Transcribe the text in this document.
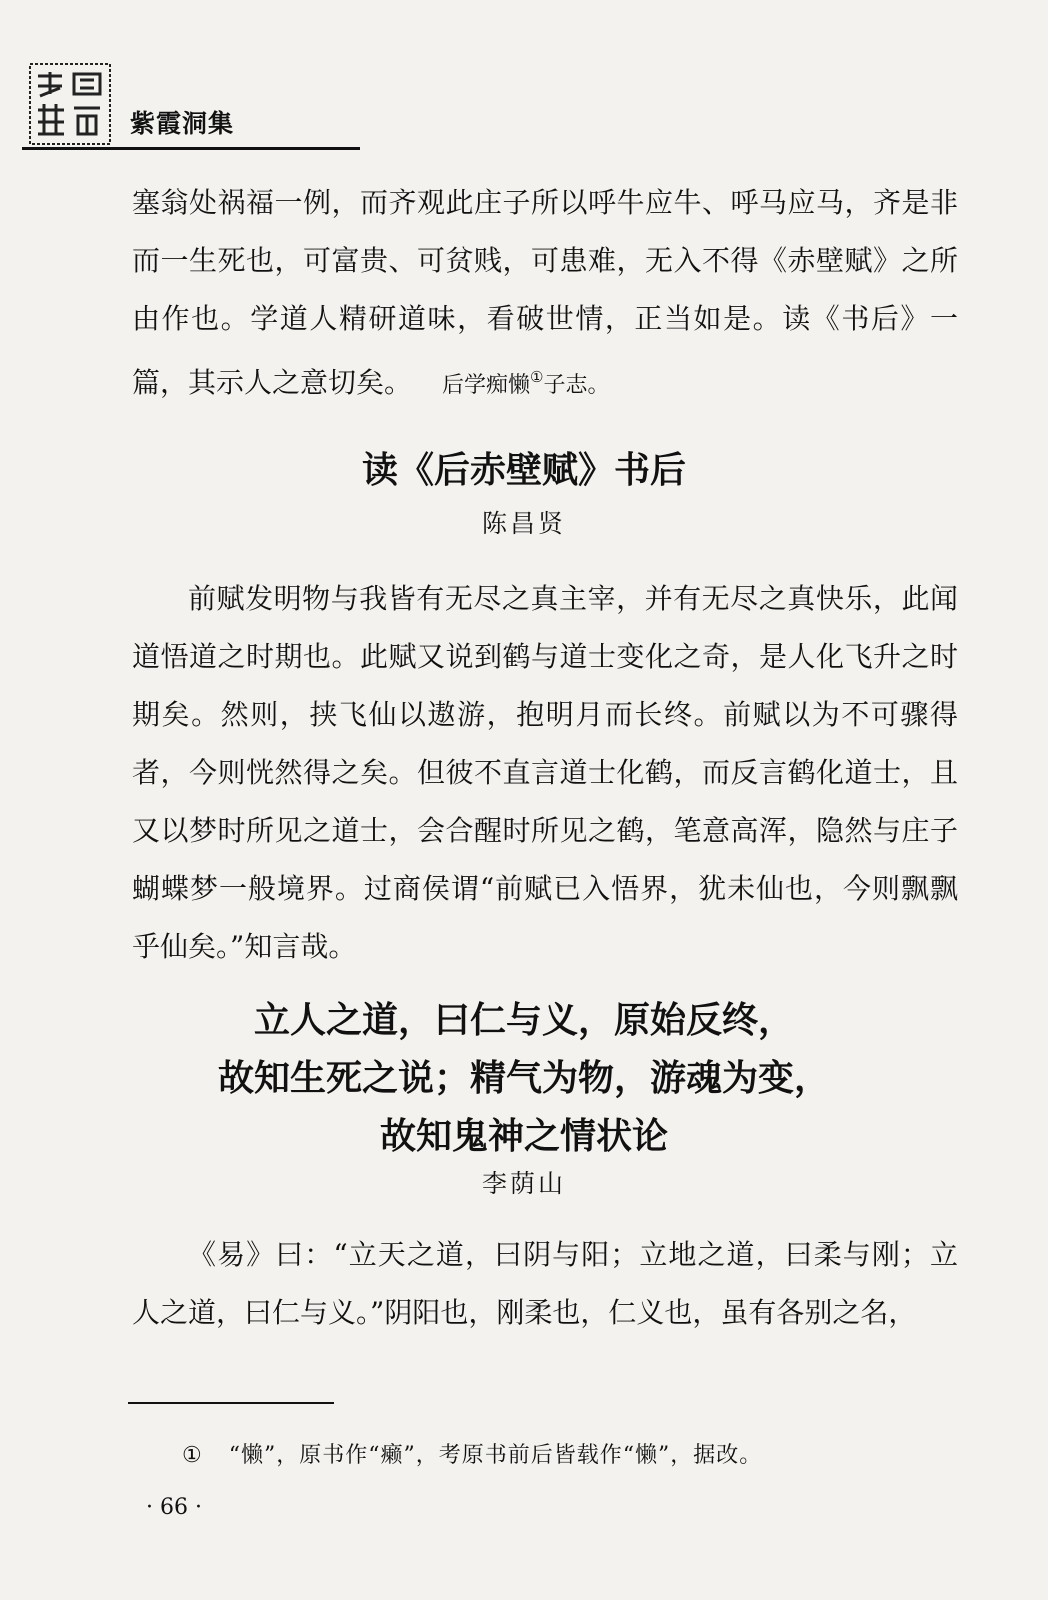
紫霞洞集
塞翁处祸福一例，而齐观此庄子所以呼牛应牛、呼马应马，齐是非而一生死也，可富贵、可贫贱，可患难，无入不得《赤壁赋》之所由作也。学道人精研道味，看破世情，正当如是。读《书后》一篇，其示人之意切矣。 后学痴懒①子志。
读《后赤壁赋》书后
陈昌贤
前赋发明物与我皆有无尽之真主宰，并有无尽之真快乐，此闻道悟道之时期也。此赋又说到鹤与道士变化之奇，是人化飞升之时期矣。然则，挟飞仙以遨游，抱明月而长终。前赋以为不可骤得者，今则恍然得之矣。但彼不直言道士化鹤，而反言鹤化道士，且又以梦时所见之道士，会合醒时所见之鹤，笔意高浑，隐然与庄子蝴蝶梦一般境界。过商侯谓“前赋已入悟界，犹未仙也，今则飘飘乎仙矣。”知言哉。
立人之道，曰仁与义，原始反终，
故知生死之说；精气为物，游魂为变，
故知鬼神之情状论
李荫山
《易》曰：“立天之道，曰阴与阳；立地之道，曰柔与刚；立人之道，曰仁与义。”阴阳也，刚柔也，仁义也，虽有各别之名，
① “懒”，原书作“癞”，考原书前后皆载作“懒”，据改。
· 66 ·
